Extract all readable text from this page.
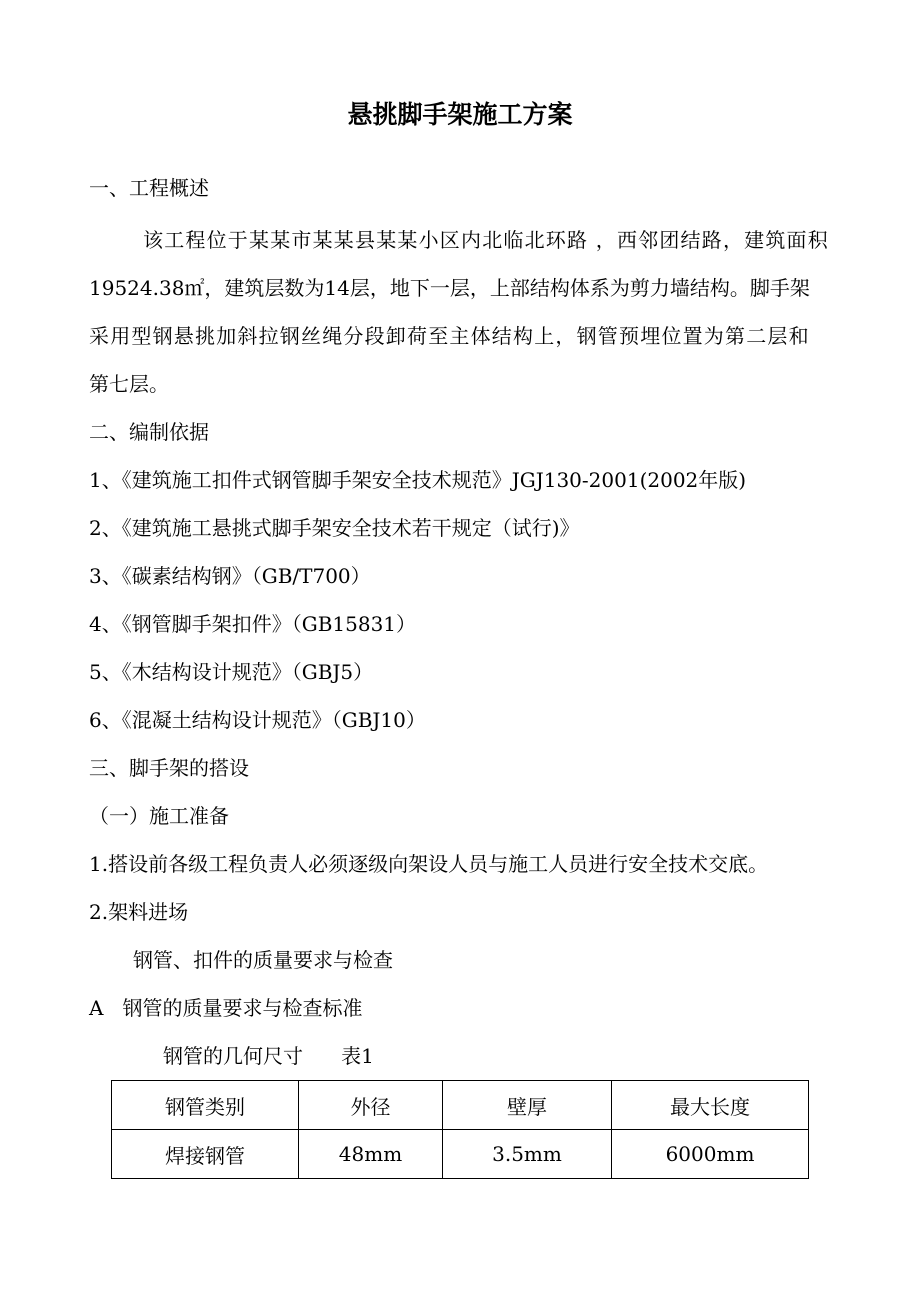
悬挑脚手架施工方案
一、工程概述
该工程位于某某市某某县某某小区内北临北环路 ，西邻团结路，建筑面积
19524.38㎡，建筑层数为14层，地下一层，上部结构体系为剪力墙结构。脚手架
采用型钢悬挑加斜拉钢丝绳分段卸荷至主体结构上，钢管预埋位置为第二层和
第七层。
二、编制依据
1、《建筑施工扣件式钢管脚手架安全技术规范》JGJ130-2001(2002年版)
2、《建筑施工悬挑式脚手架安全技术若干规定（试行)》
3、《碳素结构钢》（GB/T700）
4、《钢管脚手架扣件》（GB15831）
5、《木结构设计规范》（GBJ5）
6、《混凝土结构设计规范》（GBJ10）
三、脚手架的搭设
（一）施工准备
1.搭设前各级工程负责人必须逐级向架设人员与施工人员进行安全技术交底。
2.架料进场
钢管、扣件的质量要求与检查
A   钢管的质量要求与检查标准
钢管的几何尺寸      表1
钢管类别	外径	壁厚	最大长度
焊接钢管	48mm	3.5mm	6000mm
